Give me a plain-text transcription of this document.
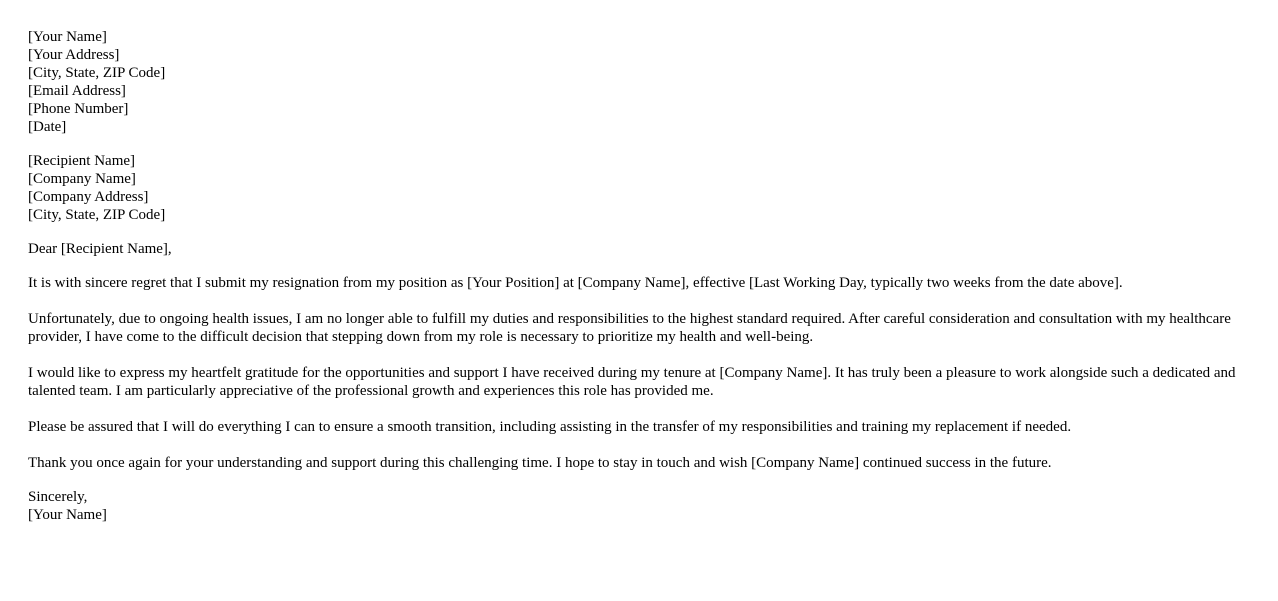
[Your Name]
[Your Address]
[City, State, ZIP Code]
[Email Address]
[Phone Number]
[Date]
[Recipient Name]
[Company Name]
[Company Address]
[City, State, ZIP Code]

Dear [Recipient Name],

It is with sincere regret that I submit my resignation from my position as [Your Position] at [Company Name], effective [Last Working Day, typically two weeks from the date above].

Unfortunately, due to ongoing health issues, I am no longer able to fulfill my duties and responsibilities to the highest standard required. After careful consideration and consultation with my healthcare provider, I have come to the difficult decision that stepping down from my role is necessary to prioritize my health and well-being.

I would like to express my heartfelt gratitude for the opportunities and support I have received during my tenure at [Company Name]. It has truly been a pleasure to work alongside such a dedicated and talented team. I am particularly appreciative of the professional growth and experiences this role has provided me.

Please be assured that I will do everything I can to ensure a smooth transition, including assisting in the transfer of my responsibilities and training my replacement if needed.

Thank you once again for your understanding and support during this challenging time. I hope to stay in touch and wish [Company Name] continued success in the future.

Sincerely,
[Your Name]
